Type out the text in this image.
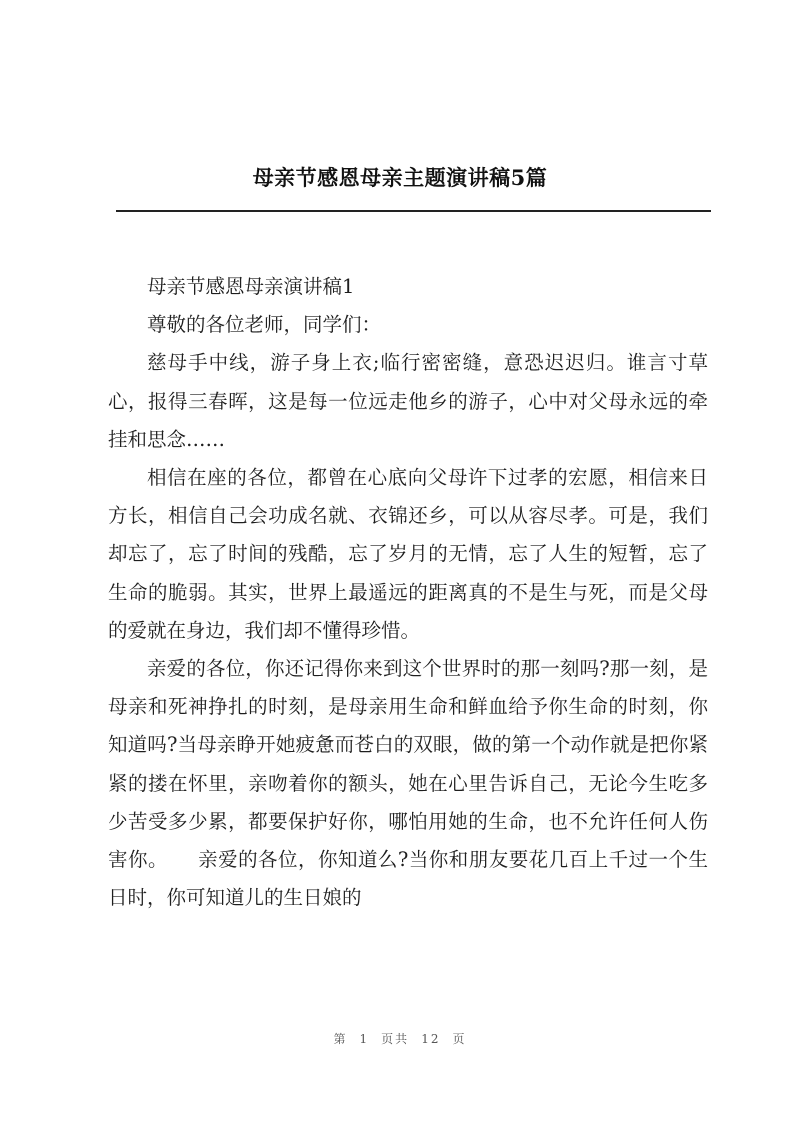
母亲节感恩母亲主题演讲稿5篇

母亲节感恩母亲演讲稿1

尊敬的各位老师，同学们：

慈母手中线，游子身上衣;临行密密缝，意恐迟迟归。谁言寸草心，报得三春晖，这是每一位远走他乡的游子，心中对父母永远的牵挂和思念……

相信在座的各位，都曾在心底向父母许下过孝的宏愿，相信来日方长，相信自己会功成名就、衣锦还乡，可以从容尽孝。可是，我们却忘了，忘了时间的残酷，忘了岁月的无情，忘了人生的短暂，忘了生命的脆弱。其实，世界上最遥远的距离真的不是生与死，而是父母的爱就在身边，我们却不懂得珍惜。

亲爱的各位，你还记得你来到这个世界时的那一刻吗?那一刻，是母亲和死神挣扎的时刻，是母亲用生命和鲜血给予你生命的时刻，你知道吗?当母亲睁开她疲惫而苍白的双眼，做的第一个动作就是把你紧紧的搂在怀里，亲吻着你的额头，她在心里告诉自己，无论今生吃多少苦受多少累，都要保护好你，哪怕用她的生命，也不允许任何人伤害你。　　亲爱的各位，你知道么?当你和朋友要花几百上千过一个生日时，你可知道儿的生日娘的

第 1 页共 12 页
